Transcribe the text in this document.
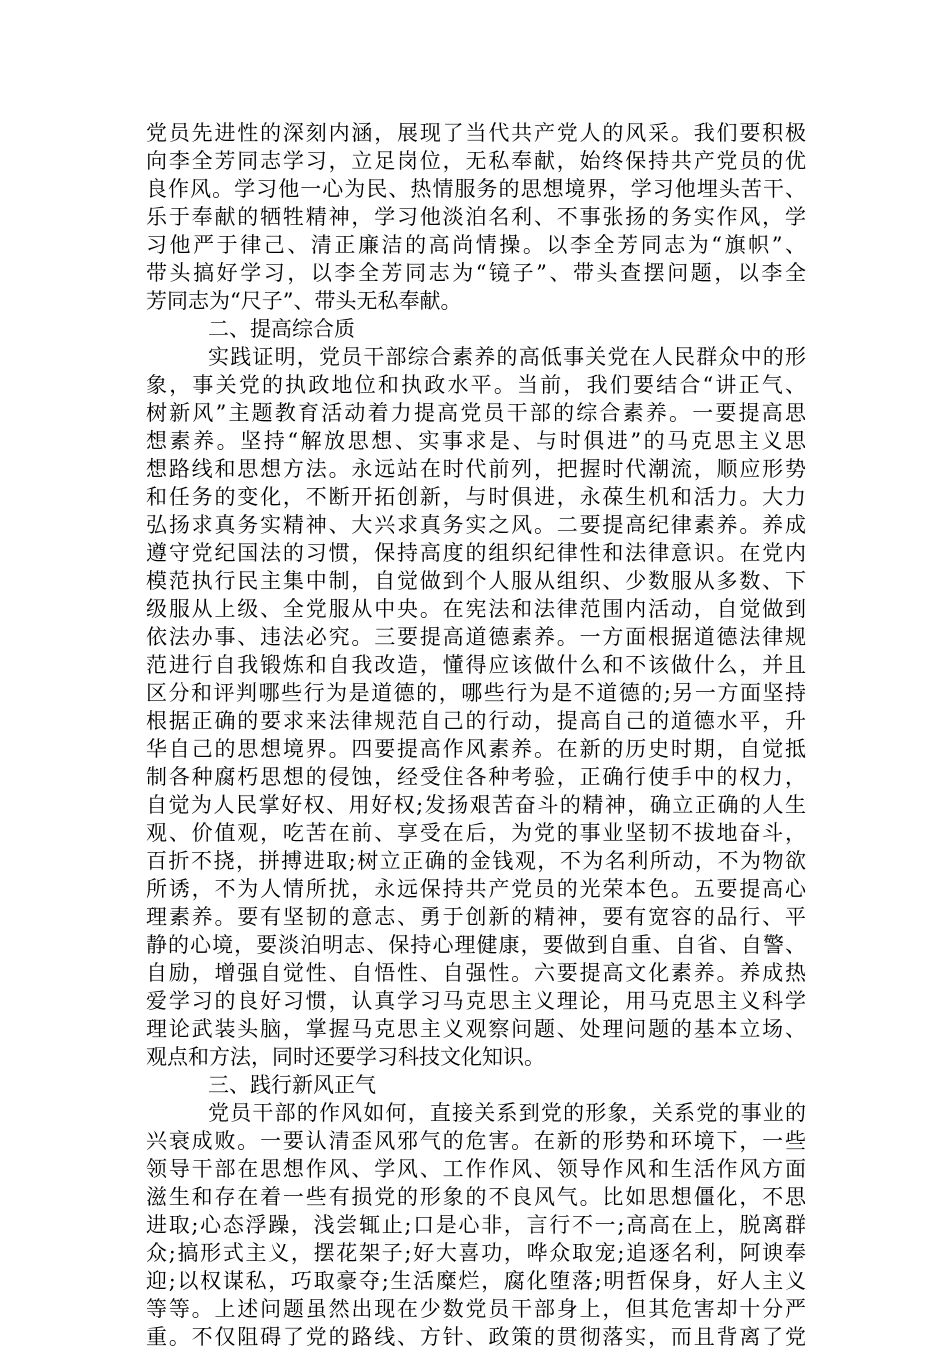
党员先进性的深刻内涵，展现了当代共产党人的风采。我们要积极
向李全芳同志学习，立足岗位，无私奉献，始终保持共产党员的优
良作风。学习他一心为民、热情服务的思想境界，学习他埋头苦干、
乐于奉献的牺牲精神，学习他淡泊名利、不事张扬的务实作风，学
习他严于律己、清正廉洁的高尚情操。以李全芳同志为“旗帜”、
带头搞好学习，以李全芳同志为“镜子”、带头查摆问题，以李全
芳同志为“尺子”、带头无私奉献。
二、提高综合质
实践证明，党员干部综合素养的高低事关党在人民群众中的形
象，事关党的执政地位和执政水平。当前，我们要结合“讲正气、
树新风”主题教育活动着力提高党员干部的综合素养。一要提高思
想素养。坚持“解放思想、实事求是、与时俱进”的马克思主义思
想路线和思想方法。永远站在时代前列，把握时代潮流，顺应形势
和任务的变化，不断开拓创新，与时俱进，永葆生机和活力。大力
弘扬求真务实精神、大兴求真务实之风。二要提高纪律素养。养成
遵守党纪国法的习惯，保持高度的组织纪律性和法律意识。在党内
模范执行民主集中制，自觉做到个人服从组织、少数服从多数、下
级服从上级、全党服从中央。在宪法和法律范围内活动，自觉做到
依法办事、违法必究。三要提高道德素养。一方面根据道德法律规
范进行自我锻炼和自我改造，懂得应该做什么和不该做什么，并且
区分和评判哪些行为是道德的，哪些行为是不道德的;另一方面坚持
根据正确的要求来法律规范自己的行动，提高自己的道德水平，升
华自己的思想境界。四要提高作风素养。在新的历史时期，自觉抵
制各种腐朽思想的侵蚀，经受住各种考验，正确行使手中的权力，
自觉为人民掌好权、用好权;发扬艰苦奋斗的精神，确立正确的人生
观、价值观，吃苦在前、享受在后，为党的事业坚韧不拔地奋斗，
百折不挠，拼搏进取;树立正确的金钱观，不为名利所动，不为物欲
所诱，不为人情所扰，永远保持共产党员的光荣本色。五要提高心
理素养。要有坚韧的意志、勇于创新的精神，要有宽容的品行、平
静的心境，要淡泊明志、保持心理健康，要做到自重、自省、自警、
自励，增强自觉性、自悟性、自强性。六要提高文化素养。养成热
爱学习的良好习惯，认真学习马克思主义理论，用马克思主义科学
理论武装头脑，掌握马克思主义观察问题、处理问题的基本立场、
观点和方法，同时还要学习科技文化知识。
三、践行新风正气
党员干部的作风如何，直接关系到党的形象，关系党的事业的
兴衰成败。一要认清歪风邪气的危害。在新的形势和环境下，一些
领导干部在思想作风、学风、工作作风、领导作风和生活作风方面
滋生和存在着一些有损党的形象的不良风气。比如思想僵化，不思
进取;心态浮躁，浅尝辄止;口是心非，言行不一;高高在上，脱离群
众;搞形式主义，摆花架子;好大喜功，哗众取宠;追逐名利，阿谀奉
迎;以权谋私，巧取豪夺;生活糜烂，腐化堕落;明哲保身，好人主义
等等。上述问题虽然出现在少数党员干部身上，但其危害却十分严
重。不仅阻碍了党的路线、方针、政策的贯彻落实，而且背离了党
